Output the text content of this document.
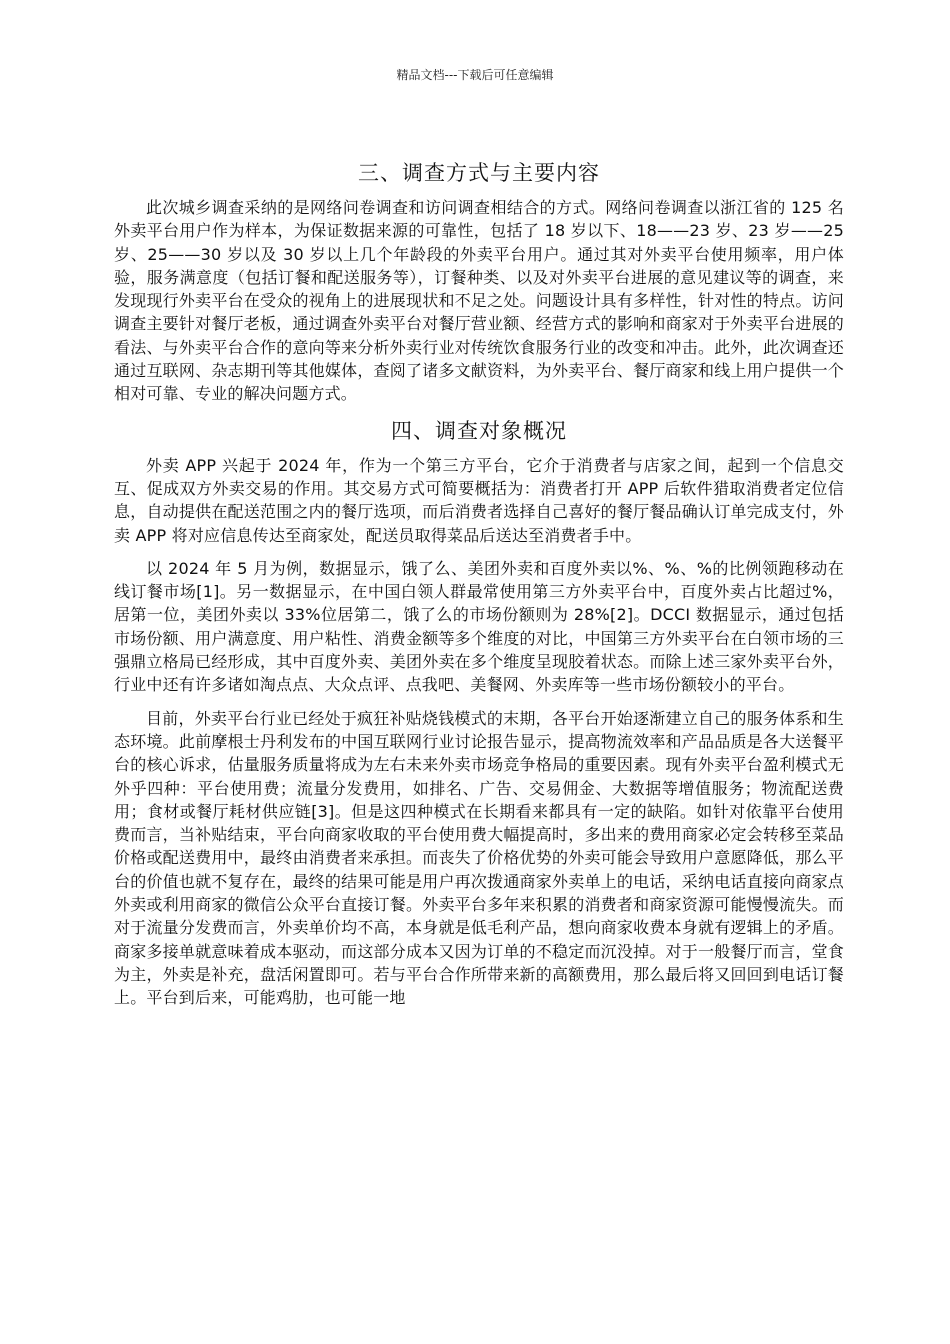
精品文档---下载后可任意编辑
三、调查方式与主要内容

此次城乡调查采纳的是网络问卷调查和访问调查相结合的方式。网络问卷调查以浙江省的 125 名外卖平台用户作为样本，为保证数据来源的可靠性，包括了 18 岁以下、18——23 岁、23 岁——25 岁、25——30 岁以及 30 岁以上几个年龄段的外卖平台用户。通过其对外卖平台使用频率，用户体验，服务满意度（包括订餐和配送服务等），订餐种类、以及对外卖平台进展的意见建议等的调查，来发现现行外卖平台在受众的视角上的进展现状和不足之处。问题设计具有多样性，针对性的特点。访问调查主要针对餐厅老板，通过调查外卖平台对餐厅营业额、经营方式的影响和商家对于外卖平台进展的看法、与外卖平台合作的意向等来分析外卖行业对传统饮食服务行业的改变和冲击。此外，此次调查还通过互联网、杂志期刊等其他媒体，查阅了诸多文献资料，为外卖平台、餐厅商家和线上用户提供一个相对可靠、专业的解决问题方式。

四、调查对象概况

外卖 APP 兴起于 2024 年，作为一个第三方平台，它介于消费者与店家之间，起到一个信息交互、促成双方外卖交易的作用。其交易方式可简要概括为：消费者打开 APP 后软件猎取消费者定位信息，自动提供在配送范围之内的餐厅选项，而后消费者选择自己喜好的餐厅餐品确认订单完成支付，外卖 APP 将对应信息传达至商家处，配送员取得菜品后送达至消费者手中。

以 2024 年 5 月为例，数据显示，饿了么、美团外卖和百度外卖以%、%、%的比例领跑移动在线订餐市场[1]。另一数据显示，在中国白领人群最常使用第三方外卖平台中，百度外卖占比超过%，居第一位，美团外卖以 33%位居第二，饿了么的市场份额则为 28%[2]。DCCI 数据显示，通过包括市场份额、用户满意度、用户粘性、消费金额等多个维度的对比，中国第三方外卖平台在白领市场的三强鼎立格局已经形成，其中百度外卖、美团外卖在多个维度呈现胶着状态。而除上述三家外卖平台外，行业中还有许多诸如淘点点、大众点评、点我吧、美餐网、外卖库等一些市场份额较小的平台。

目前，外卖平台行业已经处于疯狂补贴烧钱模式的末期，各平台开始逐渐建立自己的服务体系和生态环境。此前摩根士丹利发布的中国互联网行业讨论报告显示，提高物流效率和产品品质是各大送餐平台的核心诉求，估量服务质量将成为左右未来外卖市场竞争格局的重要因素。现有外卖平台盈利模式无外乎四种：平台使用费；流量分发费用，如排名、广告、交易佣金、大数据等增值服务；物流配送费用；食材或餐厅耗材供应链[3]。但是这四种模式在长期看来都具有一定的缺陷。如针对依靠平台使用费而言，当补贴结束，平台向商家收取的平台使用费大幅提高时，多出来的费用商家必定会转移至菜品价格或配送费用中，最终由消费者来承担。而丧失了价格优势的外卖可能会导致用户意愿降低，那么平台的价值也就不复存在，最终的结果可能是用户再次拨通商家外卖单上的电话，采纳电话直接向商家点外卖或利用商家的微信公众平台直接订餐。外卖平台多年来积累的消费者和商家资源可能慢慢流失。而对于流量分发费而言，外卖单价均不高，本身就是低毛利产品，想向商家收费本身就有逻辑上的矛盾。商家多接单就意味着成本驱动，而这部分成本又因为订单的不稳定而沉没掉。对于一般餐厅而言，堂食为主，外卖是补充，盘活闲置即可。若与平台合作所带来新的高额费用，那么最后将又回回到电话订餐上。平台到后来，可能鸡肋，也可能一地
